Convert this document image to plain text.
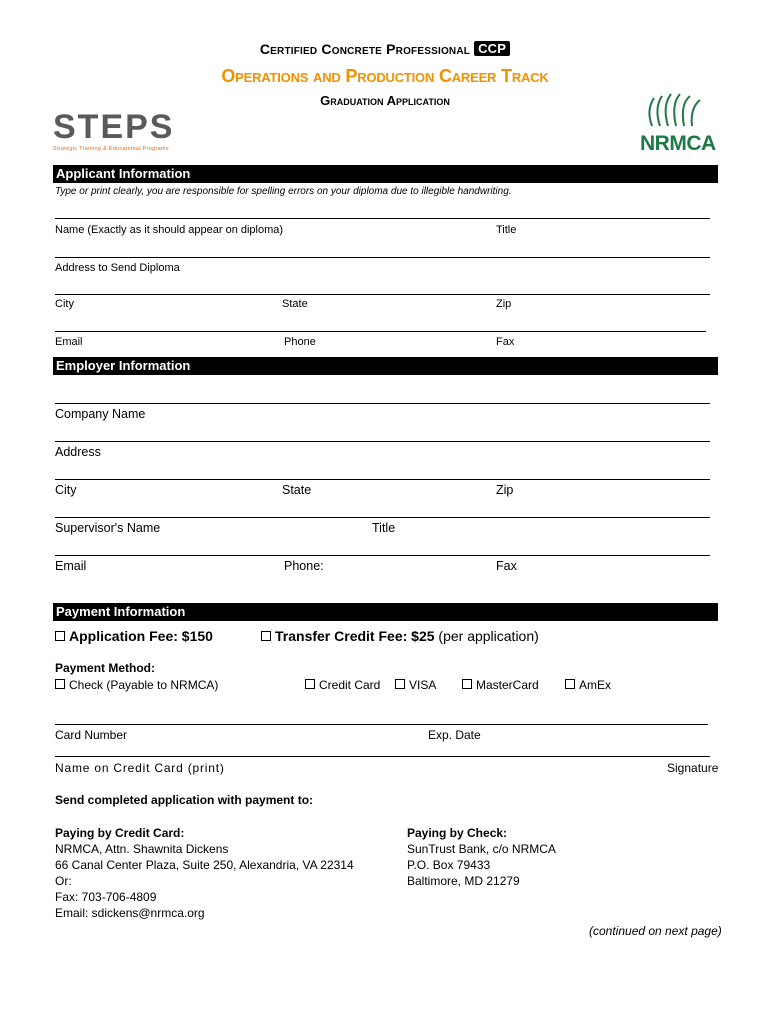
Certified Concrete Professional CCP
Operations and Production Career Track
Graduation Application
STEPS
Strategic Training & Educational Programs	NRMCA
Applicant Information
Type or print clearly, you are responsible for spelling errors on your diploma due to illegible handwriting.
Name (Exactly as it should appear on diploma)	Title
Address to Send Diploma
City	State	Zip
Email	Phone	Fax
Employer Information
Company Name
Address
City	State	Zip
Supervisor's Name	Title
Email	Phone:	Fax
Payment Information
Application Fee: $150	Transfer Credit Fee: $25 (per application)
Payment Method:
Check (Payable to NRMCA)	Credit Card	VISA	MasterCard	AmEx
Card Number	Exp. Date
Name on Credit Card (print)	Signature
Send completed application with payment to:
Paying by Credit Card:
NRMCA, Attn. Shawnita Dickens
66 Canal Center Plaza, Suite 250, Alexandria, VA 22314
Or:
Fax: 703-706-4809
Email: sdickens@nrmca.org
Paying by Check:
SunTrust Bank, c/o NRMCA
P.O. Box 79433
Baltimore, MD 21279
(continued on next page)
